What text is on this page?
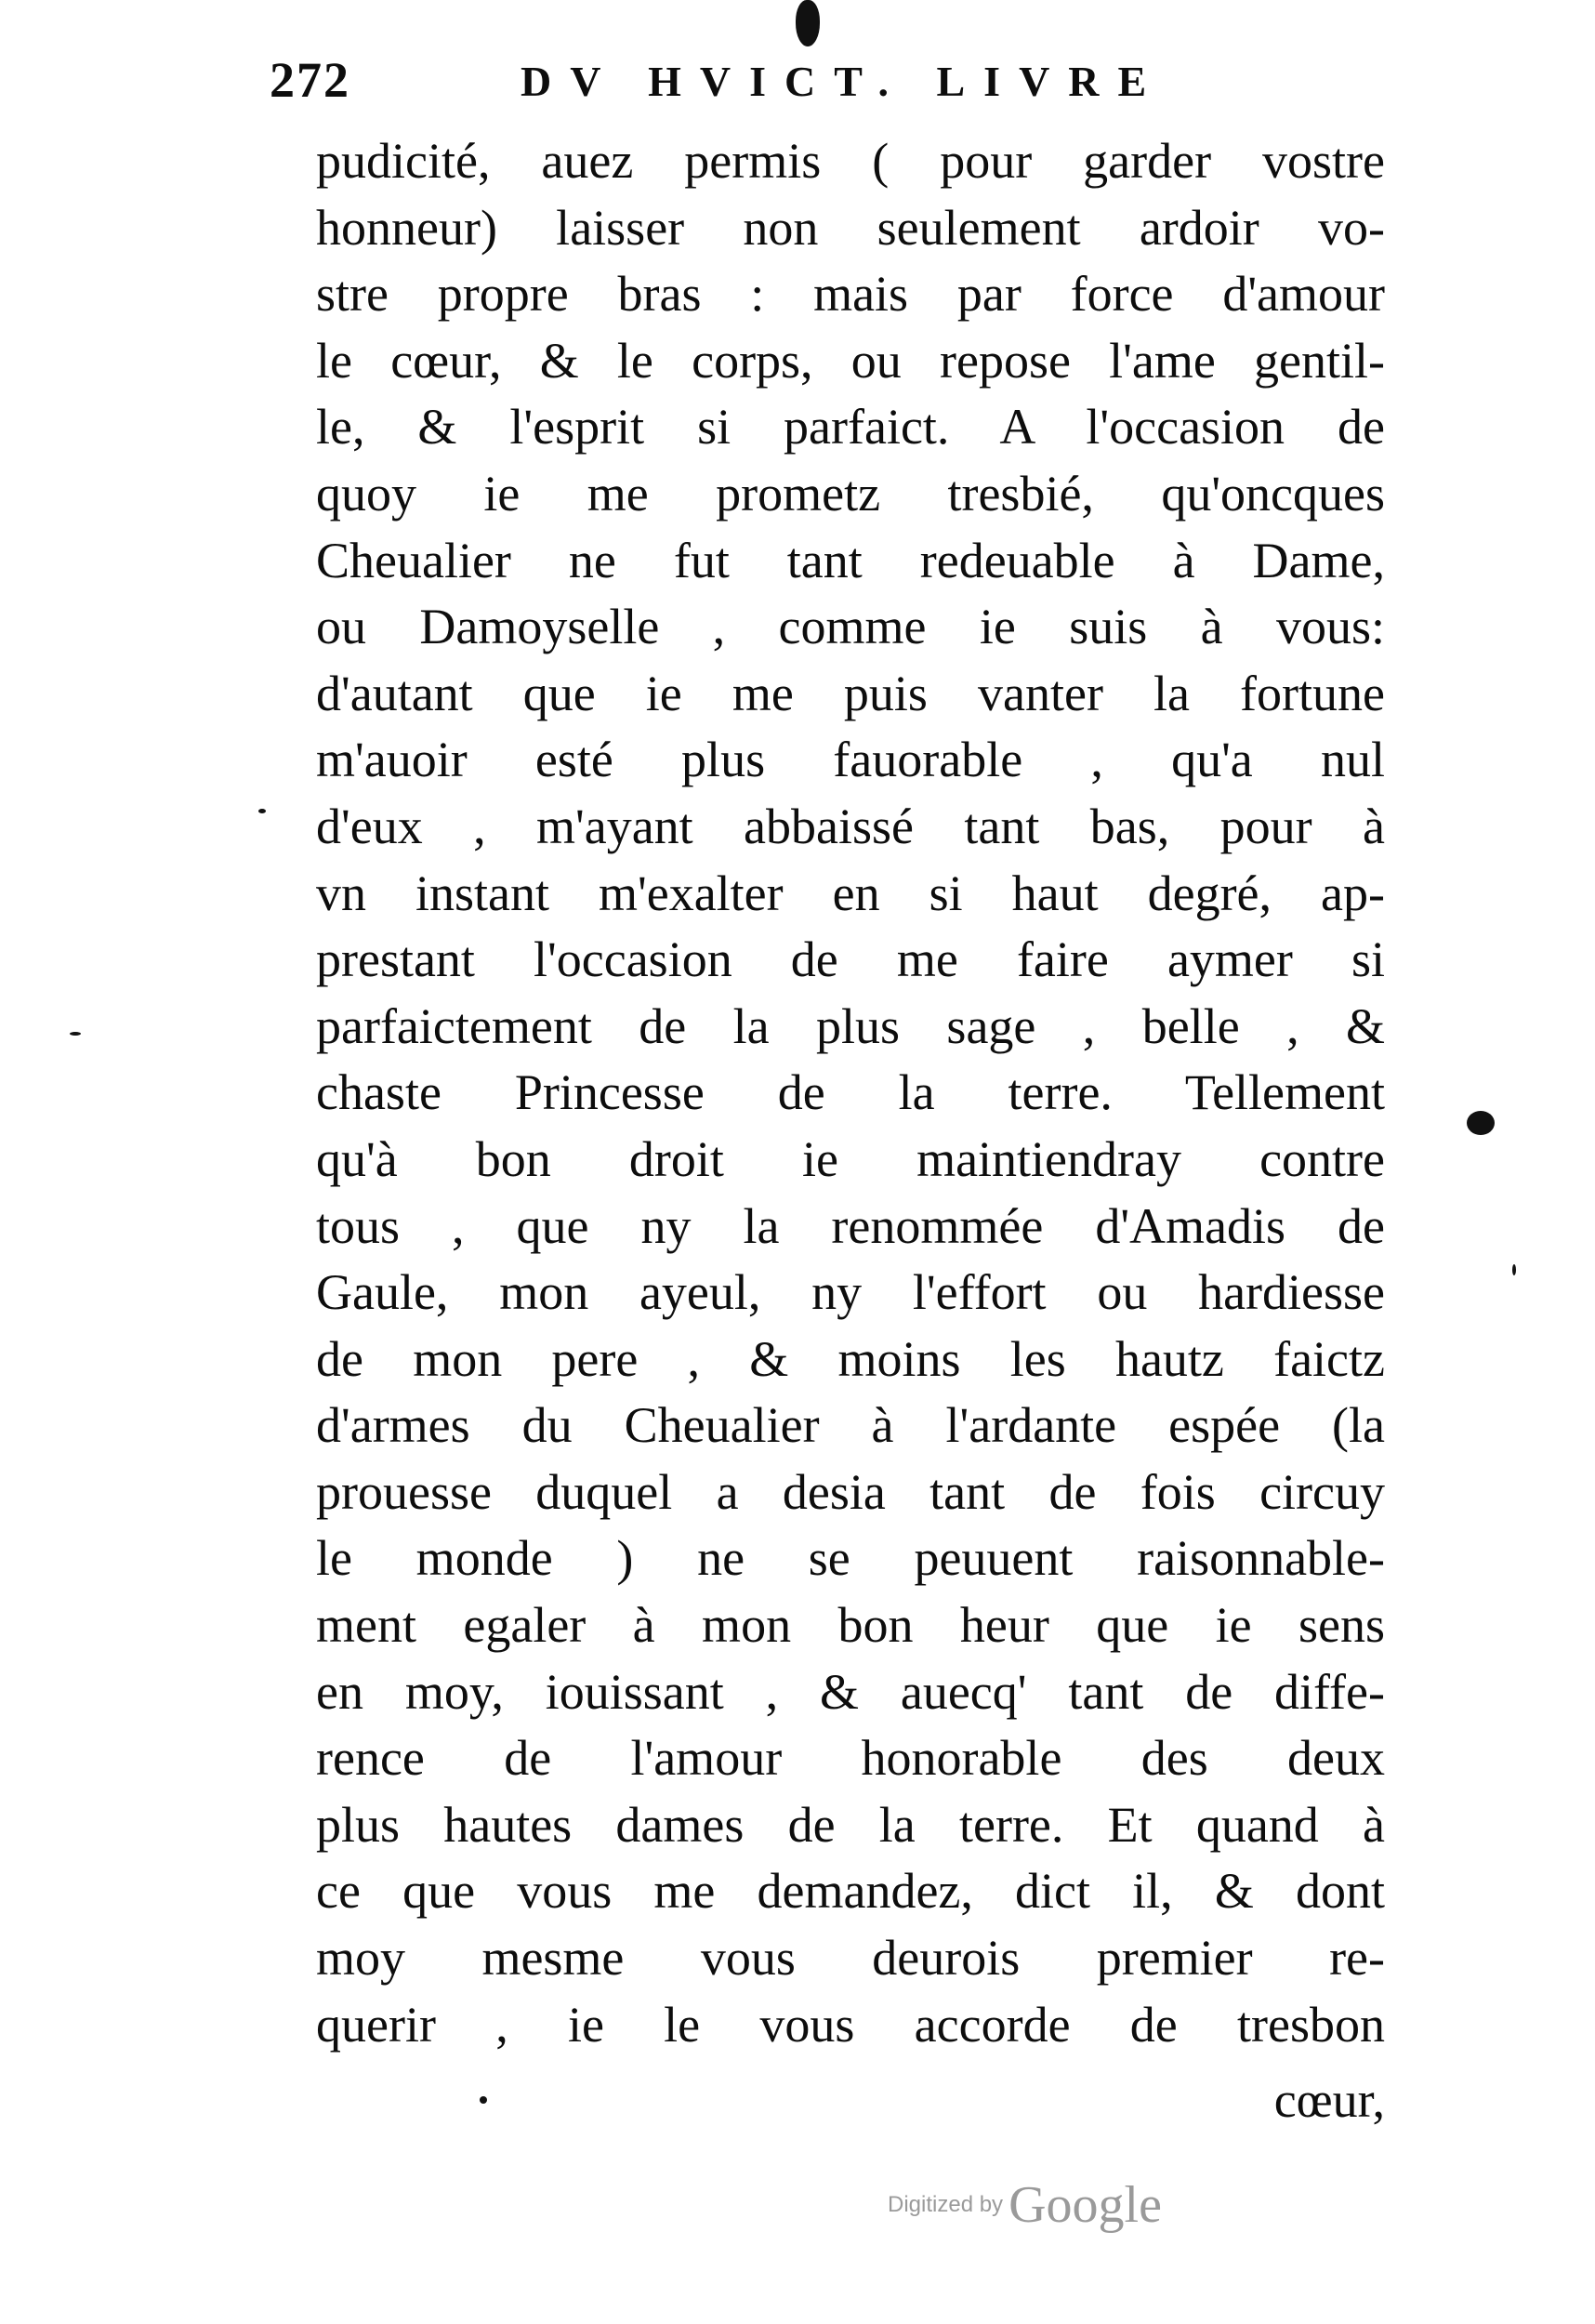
272	DV HVICT. LIVRE
pudicité, auez permis ( pour garder vostre
honneur) laisser non seulement ardoir vo-
stre propre bras : mais par force d'amour
le cœur, & le corps, ou repose l'ame gentil-
le, & l'esprit si parfaict. A l'occasion de
quoy ie me prometz tresbié, qu'oncques
Cheualier ne fut tant redeuable à Dame,
ou Damoyselle , comme ie suis à vous:
d'autant que ie me puis vanter la fortune
m'auoir esté plus fauorable , qu'a nul
d'eux , m'ayant abbaissé tant bas, pour à
vn instant m'exalter en si haut degré, ap-
prestant l'occasion de me faire aymer si
parfaictement de la plus sage , belle , &
chaste Princesse de la terre. Tellement
qu'à bon droit ie maintiendray contre
tous , que ny la renommée d'Amadis de
Gaule, mon ayeul, ny l'effort ou hardiesse
de mon pere , & moins les hautz faictz
d'armes du Cheualier à l'ardante espée (la
prouesse duquel a desia tant de fois circuy
le monde ) ne se peuuent raisonnable-
ment egaler à mon bon heur que ie sens
en moy, iouissant , & auecq' tant de diffe-
rence de l'amour honorable des deux
plus hautes dames de la terre. Et quand à
ce que vous me demandez, dict il, & dont
moy mesme vous deurois premier re-
querir , ie le vous accorde de tresbon
cœur,
Digitized by Google
